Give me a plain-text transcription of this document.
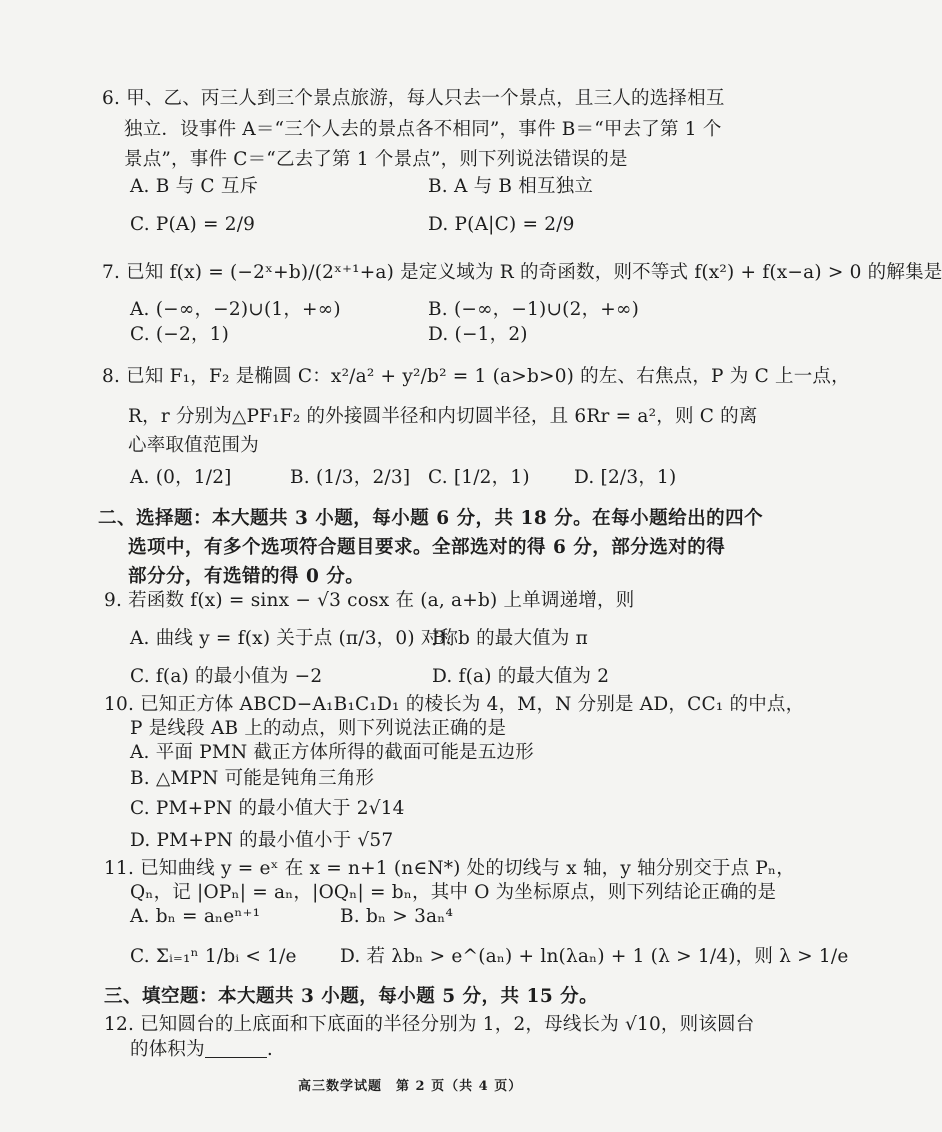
6. 甲、乙、丙三人到三个景点旅游，每人只去一个景点，且三人的选择相互
独立．设事件 A＝“三个人去的景点各不相同”，事件 B＝“甲去了第 1 个
景点”，事件 C＝“乙去了第 1 个景点”，则下列说法错误的是
A. B 与 C 互斥	B. A 与 B 相互独立
C. P(A) = 2/9	D. P(A|C) = 2/9
7. 已知 f(x) = (−2ˣ+b)/(2ˣ⁺¹+a) 是定义域为 R 的奇函数，则不等式 f(x²) + f(x−a) > 0 的解集是
A. (−∞，−2)∪(1，+∞)	B. (−∞，−1)∪(2，+∞)
C. (−2，1)	D. (−1，2)
8. 已知 F₁，F₂ 是椭圆 C：x²/a² + y²/b² = 1 (a>b>0) 的左、右焦点，P 为 C 上一点，
R，r 分别为△PF₁F₂ 的外接圆半径和内切圆半径，且 6Rr = a²，则 C 的离
心率取值范围为
A. (0，1/2]	B. (1/3，2/3] C. [1/2，1) D. [2/3，1)
二、选择题：本大题共 3 小题，每小题 6 分，共 18 分。在每小题给出的四个
选项中，有多个选项符合题目要求。全部选对的得 6 分，部分选对的得
部分分，有选错的得 0 分。
9. 若函数 f(x) = sinx − √3 cosx 在 (a, a+b) 上单调递增，则
A. 曲线 y = f(x) 关于点 (π/3，0) 对称
B. b 的最大值为 π
C. f(a) 的最小值为 −2	D. f(a) 的最大值为 2
10. 已知正方体 ABCD−A₁B₁C₁D₁ 的棱长为 4，M，N 分别是 AD，CC₁ 的中点，
P 是线段 AB 上的动点，则下列说法正确的是
A. 平面 PMN 截正方体所得的截面可能是五边形
B. △MPN 可能是钝角三角形
C. PM+PN 的最小值大于 2√14
D. PM+PN 的最小值小于 √57
11. 已知曲线 y = eˣ 在 x = n+1 (n∈N*) 处的切线与 x 轴，y 轴分别交于点 Pₙ，
Qₙ，记 |OPₙ| = aₙ，|OQₙ| = bₙ，其中 O 为坐标原点，则下列结论正确的是
A. bₙ = aₙeⁿ⁺¹	B. bₙ > 3aₙ⁴
C. Σᵢ₌₁ⁿ 1/bᵢ < 1/e D. 若 λbₙ > e^(aₙ) + ln(λaₙ) + 1 (λ > 1/4)，则 λ > 1/e
三、填空题：本大题共 3 小题，每小题 5 分，共 15 分。
12. 已知圆台的上底面和下底面的半径分别为 1，2，母线长为 √10，则该圆台
的体积为	.
高三数学试题　第 2 页（共 4 页）
